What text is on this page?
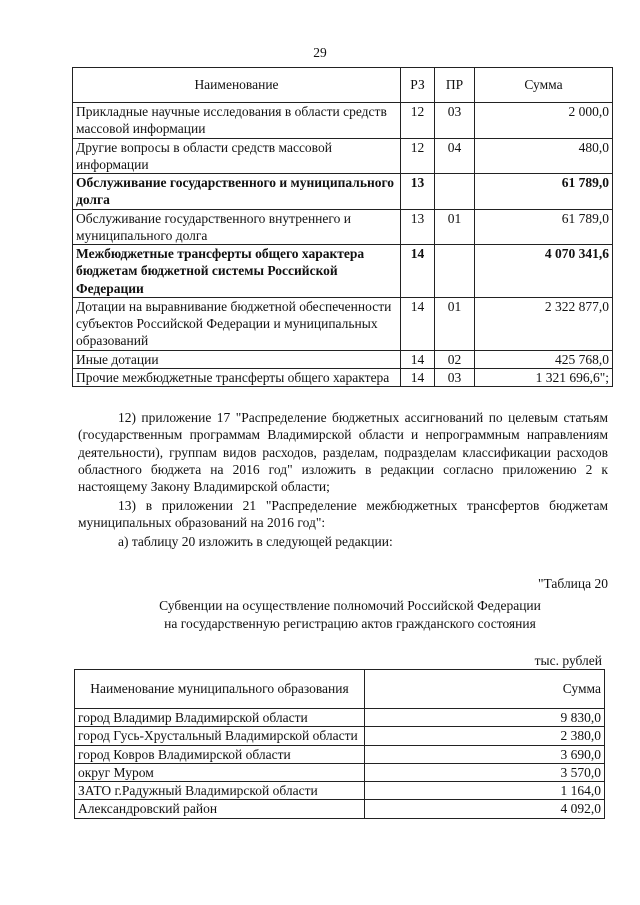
29
Наименование	РЗ	ПР	Сумма
Прикладные научные исследования в области средств массовой информации	12	03	2 000,0
Другие вопросы в области средств массовой информации	12	04	480,0
Обслуживание государственного и муниципального долга	13		61 789,0
Обслуживание государственного внутреннего и муниципального долга	13	01	61 789,0
Межбюджетные трансферты общего характера бюджетам бюджетной системы Российской Федерации	14		4 070 341,6
Дотации на выравнивание бюджетной обеспеченности субъектов Российской Федерации и муниципальных образований	14	01	2 322 877,0
Иные дотации	14	02	425 768,0
Прочие межбюджетные трансферты общего характера	14	03	1 321 696,6";
12) приложение 17 "Распределение бюджетных ассигнований по целевым статьям (государственным программам Владимирской области и непрограммным направлениям деятельности), группам видов расходов, разделам, подразделам классификации расходов областного бюджета на 2016 год" изложить в редакции согласно приложению 2 к настоящему Закону Владимирской области;
13) в приложении 21 "Распределение межбюджетных трансфертов бюджетам муниципальных образований на 2016 год":
а) таблицу 20 изложить в следующей редакции:
"Таблица 20
Субвенции на осуществление полномочий Российской Федерации
на государственную регистрацию актов гражданского состояния
тыс. рублей
Наименование муниципального образования	Сумма
город Владимир Владимирской области	9 830,0
город Гусь-Хрустальный Владимирской области	2 380,0
город Ковров Владимирской области	3 690,0
округ Муром	3 570,0
ЗАТО г.Радужный Владимирской области	1 164,0
Александровский район	4 092,0
